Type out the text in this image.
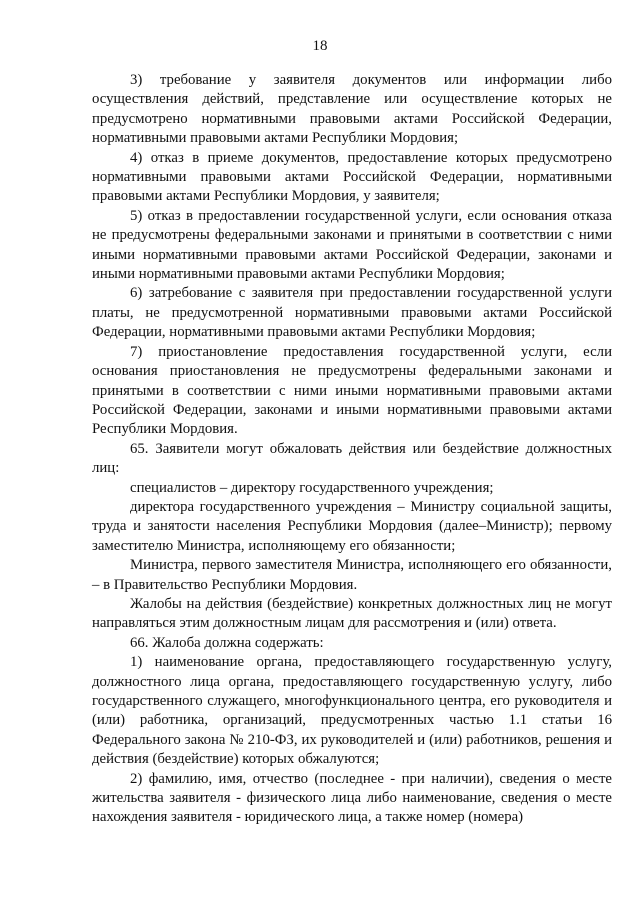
18

3) требование у заявителя документов или информации либо осуществления действий, представление или осуществление которых не предусмотрено нормативными правовыми актами Российской Федерации, нормативными правовыми актами Республики Мордовия;

4) отказ в приеме документов, предоставление которых предусмотрено нормативными правовыми актами Российской Федерации, нормативными правовыми актами Республики Мордовия, у заявителя;

5) отказ в предоставлении государственной услуги, если основания отказа не предусмотрены федеральными законами и принятыми в соответствии с ними иными нормативными правовыми актами Российской Федерации, законами и иными нормативными правовыми актами Республики Мордовия;

6) затребование с заявителя при предоставлении государственной услуги платы, не предусмотренной нормативными правовыми актами Российской Федерации, нормативными правовыми актами Республики Мордовия;

7) приостановление предоставления государственной услуги, если основания приостановления не предусмотрены федеральными законами и принятыми в соответствии с ними иными нормативными правовыми актами Российской Федерации, законами и иными нормативными правовыми актами Республики Мордовия.

65. Заявители могут обжаловать действия или бездействие должностных лиц:

специалистов – директору государственного учреждения;

директора государственного учреждения – Министру социальной защиты, труда и занятости населения Республики Мордовия (далее–Министр); первому заместителю Министра, исполняющему его обязанности;

Министра, первого заместителя Министра, исполняющего его обязанности, – в Правительство Республики Мордовия.

Жалобы на действия (бездействие) конкретных должностных лиц не могут направляться этим должностным лицам для рассмотрения и (или) ответа.

66. Жалоба должна содержать:

1) наименование органа, предоставляющего государственную услугу, должностного лица органа, предоставляющего государственную услугу, либо государственного служащего, многофункционального центра, его руководителя и (или) работника, организаций, предусмотренных частью 1.1 статьи 16 Федерального закона № 210-ФЗ, их руководителей и (или) работников, решения и действия (бездействие) которых обжалуются;

2) фамилию, имя, отчество (последнее - при наличии), сведения о месте жительства заявителя - физического лица либо наименование, сведения о месте нахождения заявителя - юридического лица, а также номер (номера)
